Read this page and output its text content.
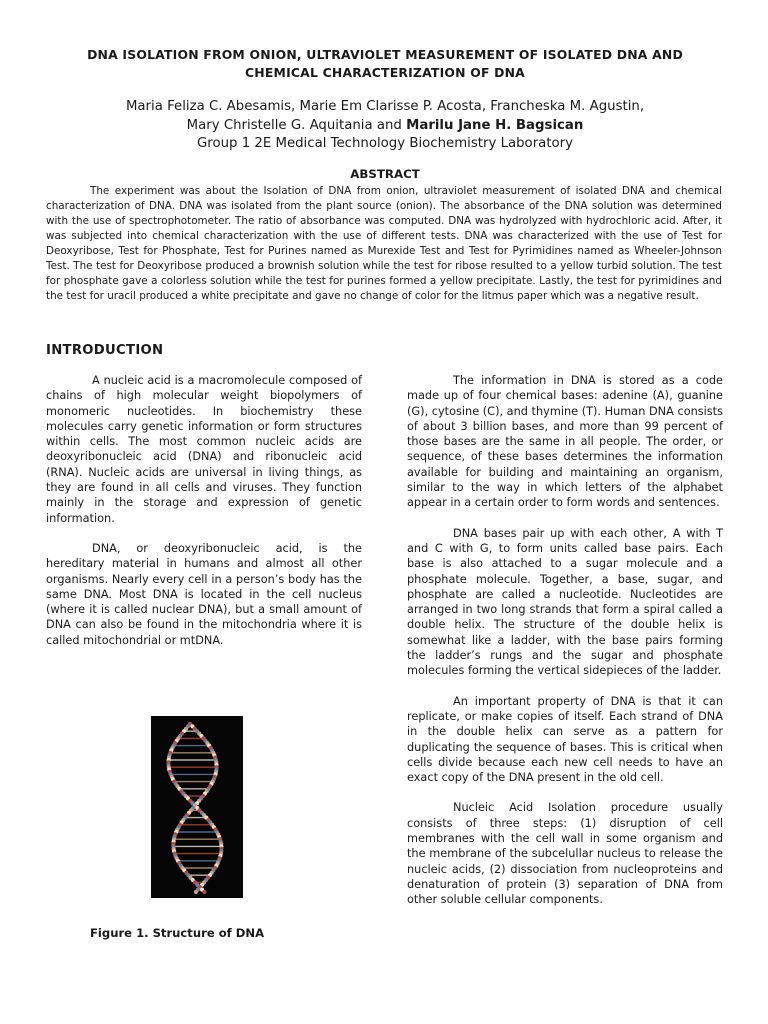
DNA ISOLATION FROM ONION, ULTRAVIOLET MEASUREMENT OF ISOLATED DNA AND
CHEMICAL CHARACTERIZATION OF DNA
Maria Feliza C. Abesamis, Marie Em Clarisse P. Acosta, Francheska M. Agustin,
Mary Christelle G. Aquitania and Marilu Jane H. Bagsican
Group 1 2E Medical Technology Biochemistry Laboratory
ABSTRACT

The experiment was about the Isolation of DNA from onion, ultraviolet measurement of isolated DNA and chemical characterization of DNA. DNA was isolated from the plant source (onion). The absorbance of the DNA solution was determined with the use of spectrophotometer. The ratio of absorbance was computed. DNA was hydrolyzed with hydrochloric acid. After, it was subjected into chemical characterization with the use of different tests. DNA was characterized with the use of Test for Deoxyribose, Test for Phosphate, Test for Purines named as Murexide Test and Test for Pyrimidines named as Wheeler-Johnson Test. The test for Deoxyribose produced a brownish solution while the test for ribose resulted to a yellow turbid solution. The test for phosphate gave a colorless solution while the test for purines formed a yellow precipitate. Lastly, the test for pyrimidines and the test for uracil produced a white precipitate and gave no change of color for the litmus paper which was a negative result.

INTRODUCTION

A nucleic acid is a macromolecule composed of chains of high molecular weight biopolymers of monomeric nucleotides. In biochemistry these molecules carry genetic information or form structures within cells. The most common nucleic acids are deoxyribonucleic acid (DNA) and ribonucleic acid (RNA). Nucleic acids are universal in living things, as they are found in all cells and viruses. They function mainly in the storage and expression of genetic information.

DNA, or deoxyribonucleic acid, is the hereditary material in humans and almost all other organisms. Nearly every cell in a person’s body has the same DNA. Most DNA is located in the cell nucleus (where it is called nuclear DNA), but a small amount of DNA can also be found in the mitochondria where it is called mitochondrial or mtDNA.

The information in DNA is stored as a code made up of four chemical bases: adenine (A), guanine (G), cytosine (C), and thymine (T). Human DNA consists of about 3 billion bases, and more than 99 percent of those bases are the same in all people. The order, or sequence, of these bases determines the information available for building and maintaining an organism, similar to the way in which letters of the alphabet appear in a certain order to form words and sentences.

DNA bases pair up with each other, A with T and C with G, to form units called base pairs. Each base is also attached to a sugar molecule and a phosphate molecule. Together, a base, sugar, and phosphate are called a nucleotide. Nucleotides are arranged in two long strands that form a spiral called a double helix. The structure of the double helix is somewhat like a ladder, with the base pairs forming the ladder’s rungs and the sugar and phosphate molecules forming the vertical sidepieces of the ladder.

An important property of DNA is that it can replicate, or make copies of itself. Each strand of DNA in the double helix can serve as a pattern for duplicating the sequence of bases. This is critical when cells divide because each new cell needs to have an exact copy of the DNA present in the old cell.

Nucleic Acid Isolation procedure usually consists of three steps: (1) disruption of cell membranes with the cell wall in some organism and the membrane of the subcelullar nucleus to release the nucleic acids, (2) dissociation from nucleoproteins and denaturation of protein (3) separation of DNA from other soluble cellular components.

Figure 1. Structure of DNA
